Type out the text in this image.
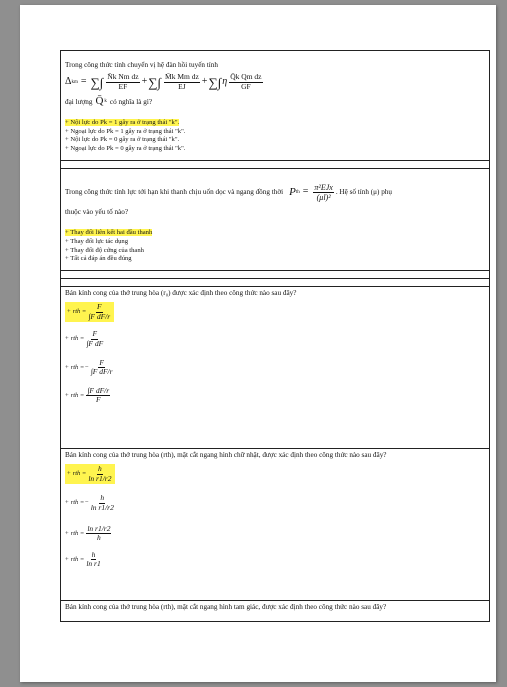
Trong công thức tính chuyển vị hệ đàn hồi tuyến tính
Δ km = ∑∫ $\frac{\text{N̄k Nm dz}}{EF}$ + ∑∫ $\frac{\text{M̄k Mm dz}}{EJ}$ + ∑∫ η $\frac{\text{Q̄k Qm dz}}{GF}$
đại lượng Q̄ k có nghĩa là gì?
+ Nội lực do Pk = 1 gây ra ở trạng thái "k".
+ Ngoại lực do Pk = 1 gây ra ở trạng thái "k".
+ Nội lực do Pk = 0 gây ra ở trạng thái "k".
+ Ngoại lực do Pk = 0 gây ra ở trạng thái "k".
Trong công thức tính lực tới hạn khi thanh chịu uốn dọc và ngang đồng thời P th = $\frac{\text{π²EJx}}{\text{(μl)²}}$ . Hệ số tính (μ) phụ
thuộc vào yếu tố nào?
+ Thay đổi liên kết hai đầu thanh
+ Thay đổi lực tác dụng
+ Thay đổi độ cứng của thanh
+ Tất cả đáp án đều đúng
Bán kính cong của thớ trung hòa (r₀) được xác định theo công thức nào sau đây?
+ rth = $\frac{F}{\text{∫F dF/r}}$
+ rth = $\frac{F}{\text{∫F dF}}$
+ rth = − $\frac{F}{\text{∫F dF/r}}$
+ rth = $\frac{\text{∫F dF/r}}{F}$
Bán kính cong của thớ trung hòa (rth), mặt cắt ngang hình chữ nhật, được xác định theo công thức nào sau đây?
+ rth = $\frac{h}{\text{ln r1/r2}}$
+ rth = − $\frac{h}{\text{ln r1/r2}}$
+ rth = $\frac{\text{ln r1/r2}}{h}$
+ rth = $\frac{h}{\text{ln r1}}$
Bán kính cong của thớ trung hòa (rth), mặt cắt ngang hình tam giác, được xác định theo công thức nào sau đây?
